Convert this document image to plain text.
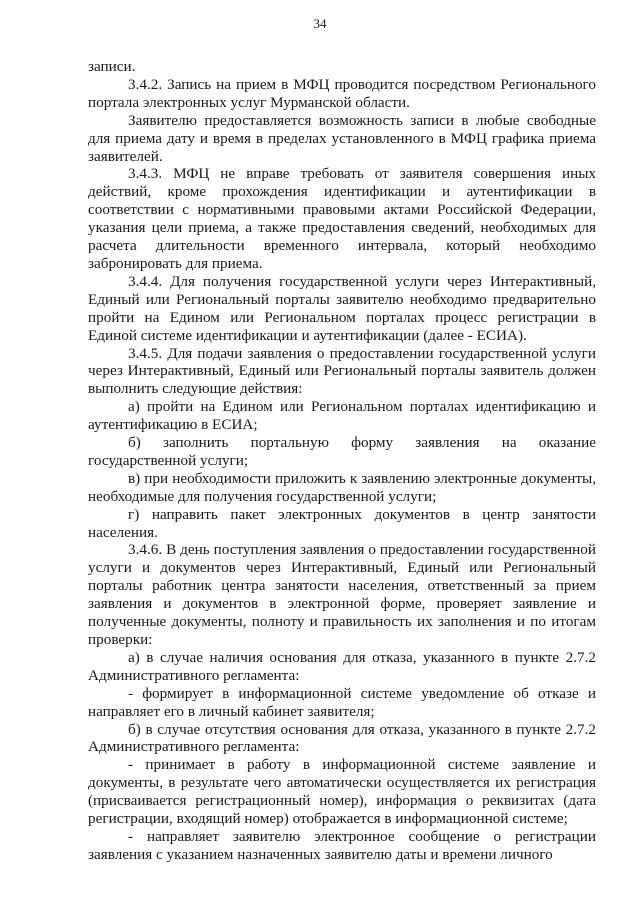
34

записи.

3.4.2. Запись на прием в МФЦ проводится посредством Регионального портала электронных услуг Мурманской области.

Заявителю предоставляется возможность записи в любые свободные для приема дату и время в пределах установленного в МФЦ графика приема заявителей.

3.4.3. МФЦ не вправе требовать от заявителя совершения иных действий, кроме прохождения идентификации и аутентификации в соответствии с нормативными правовыми актами Российской Федерации, указания цели приема, а также предоставления сведений, необходимых для расчета длительности временного интервала, который необходимо забронировать для приема.

3.4.4. Для получения государственной услуги через Интерактивный, Единый или Региональный порталы заявителю необходимо предварительно пройти на Едином или Региональном порталах процесс регистрации в Единой системе идентификации и аутентификации (далее - ЕСИА).

3.4.5. Для подачи заявления о предоставлении государственной услуги через Интерактивный, Единый или Региональный порталы заявитель должен выполнить следующие действия:

а) пройти на Едином или Региональном порталах идентификацию и аутентификацию в ЕСИА;

б) заполнить портальную форму заявления на оказание государственной услуги;

в) при необходимости приложить к заявлению электронные документы, необходимые для получения государственной услуги;

г) направить пакет электронных документов в центр занятости населения.

3.4.6. В день поступления заявления о предоставлении государственной услуги и документов через Интерактивный, Единый или Региональный порталы работник центра занятости населения, ответственный за прием заявления и документов в электронной форме, проверяет заявление и полученные документы, полноту и правильность их заполнения и по итогам проверки:

а) в случае наличия основания для отказа, указанного в пункте 2.7.2 Административного регламента:

- формирует в информационной системе уведомление об отказе и направляет его в личный кабинет заявителя;

б) в случае отсутствия основания для отказа, указанного в пункте 2.7.2 Административного регламента:

- принимает в работу в информационной системе заявление и документы, в результате чего автоматически осуществляется их регистрация (присваивается регистрационный номер), информация о реквизитах (дата регистрации, входящий номер) отображается в информационной системе;

- направляет заявителю электронное сообщение о регистрации заявления с указанием назначенных заявителю даты и времени личного
